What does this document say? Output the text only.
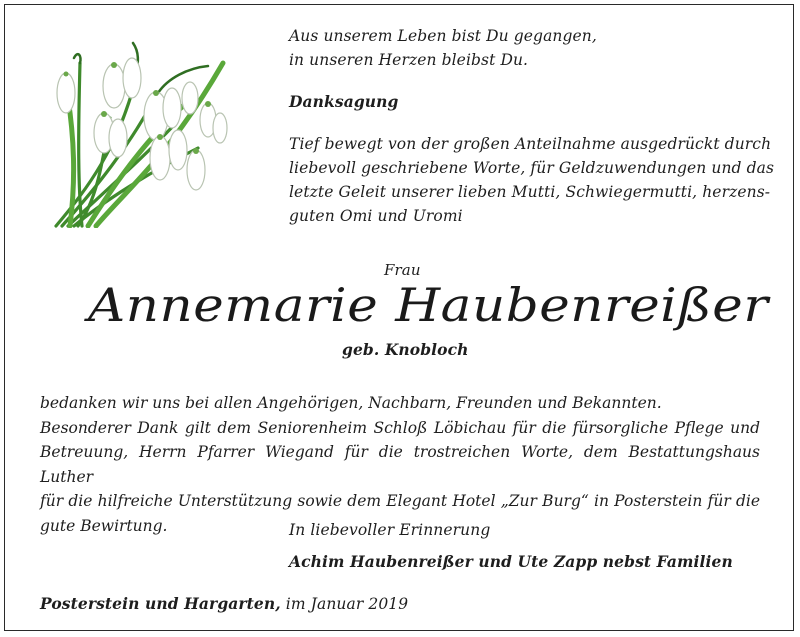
Aus unserem Leben bist Du gegangen,
in unseren Herzen bleibst Du.
Danksagung
Tief bewegt von der großen Anteilnahme ausgedrückt durch
liebevoll geschriebene Worte, für Geldzuwendungen und das
letzte Geleit unserer lieben Mutti, Schwiegermutti, herzens-
guten Omi und Uromi
Frau
Annemarie Haubenreißer
geb. Knobloch
bedanken wir uns bei allen Angehörigen, Nachbarn, Freunden und Bekannten.
Besonderer Dank gilt dem Seniorenheim Schloß Löbichau für die fürsorgliche Pflege und
Betreuung, Herrn Pfarrer Wiegand für die trostreichen Worte, dem Bestattungshaus Luther
für die hilfreiche Unterstützung sowie dem Elegant Hotel „Zur Burg“ in Posterstein für die
gute Bewirtung.	In liebevoller Erinnerung
Achim Haubenreißer und Ute Zapp nebst Familien
Posterstein und Hargarten, im Januar 2019
